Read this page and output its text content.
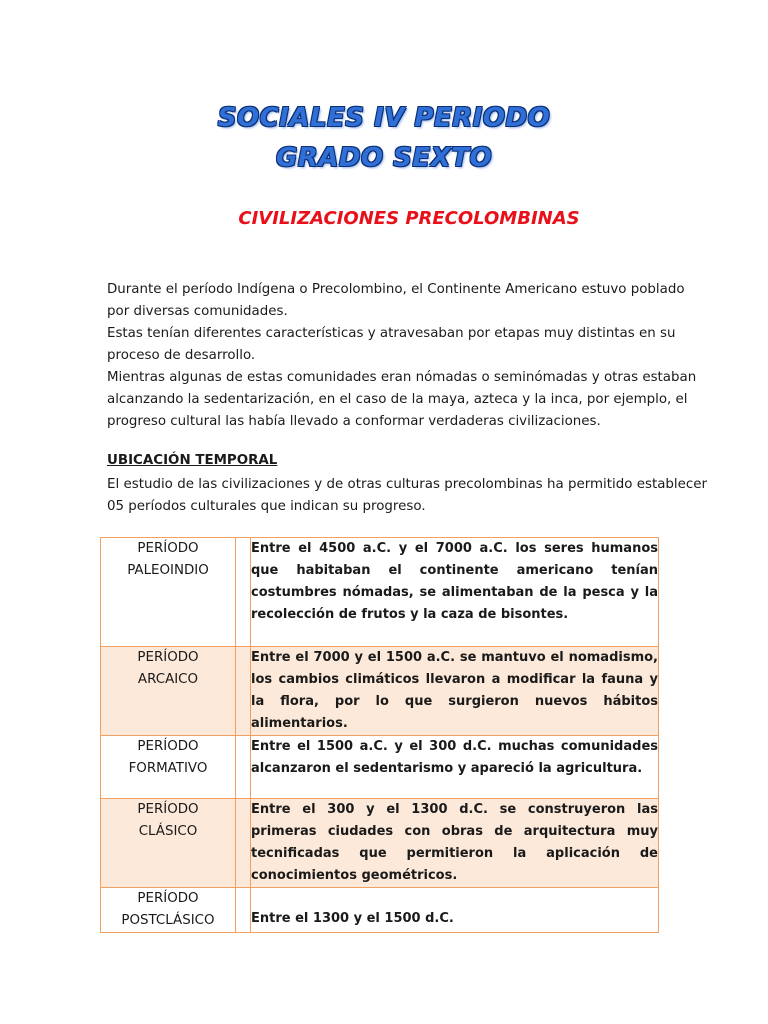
SOCIALES IV PERIODO
GRADO SEXTO
CIVILIZACIONES PRECOLOMBINAS

Durante el período Indígena o Precolombino, el Continente Americano estuvo poblado por diversas comunidades.

Estas tenían diferentes características y atravesaban por etapas muy distintas en su proceso de desarrollo.

Mientras algunas de estas comunidades eran nómadas o seminómadas y otras estaban alcanzando la sedentarización, en el caso de la maya, azteca y la inca, por ejemplo, el progreso cultural las había llevado a conformar verdaderas civilizaciones.

UBICACIÓN TEMPORAL
El estudio de las civilizaciones y de otras culturas precolombinas ha permitido establecer 05 períodos culturales que indican su progreso.
PERÍODO
PALEOINDIO		Entre el 4500 a.C. y el 7000 a.C. los seres humanos que habitaban el continente americano tenían costumbres nómadas, se alimentaban de la pesca y la recolección de frutos y la caza de bisontes.

PERÍODO
ARCAICO		Entre el 7000 y el 1500 a.C. se mantuvo el nomadismo, los cambios climáticos llevaron a modificar la fauna y la flora, por lo que surgieron nuevos hábitos alimentarios.

PERÍODO
FORMATIVO		Entre el 1500 a.C. y el 300 d.C. muchas comunidades alcanzaron el sedentarismo y apareció la agricultura.

PERÍODO
CLÁSICO		Entre el 300 y el 1300 d.C. se construyeron las primeras ciudades con obras de arquitectura muy tecnificadas que permitieron la aplicación de conocimientos geométricos.

PERÍODO
POSTCLÁSICO		Entre el 1300 y el 1500 d.C.
